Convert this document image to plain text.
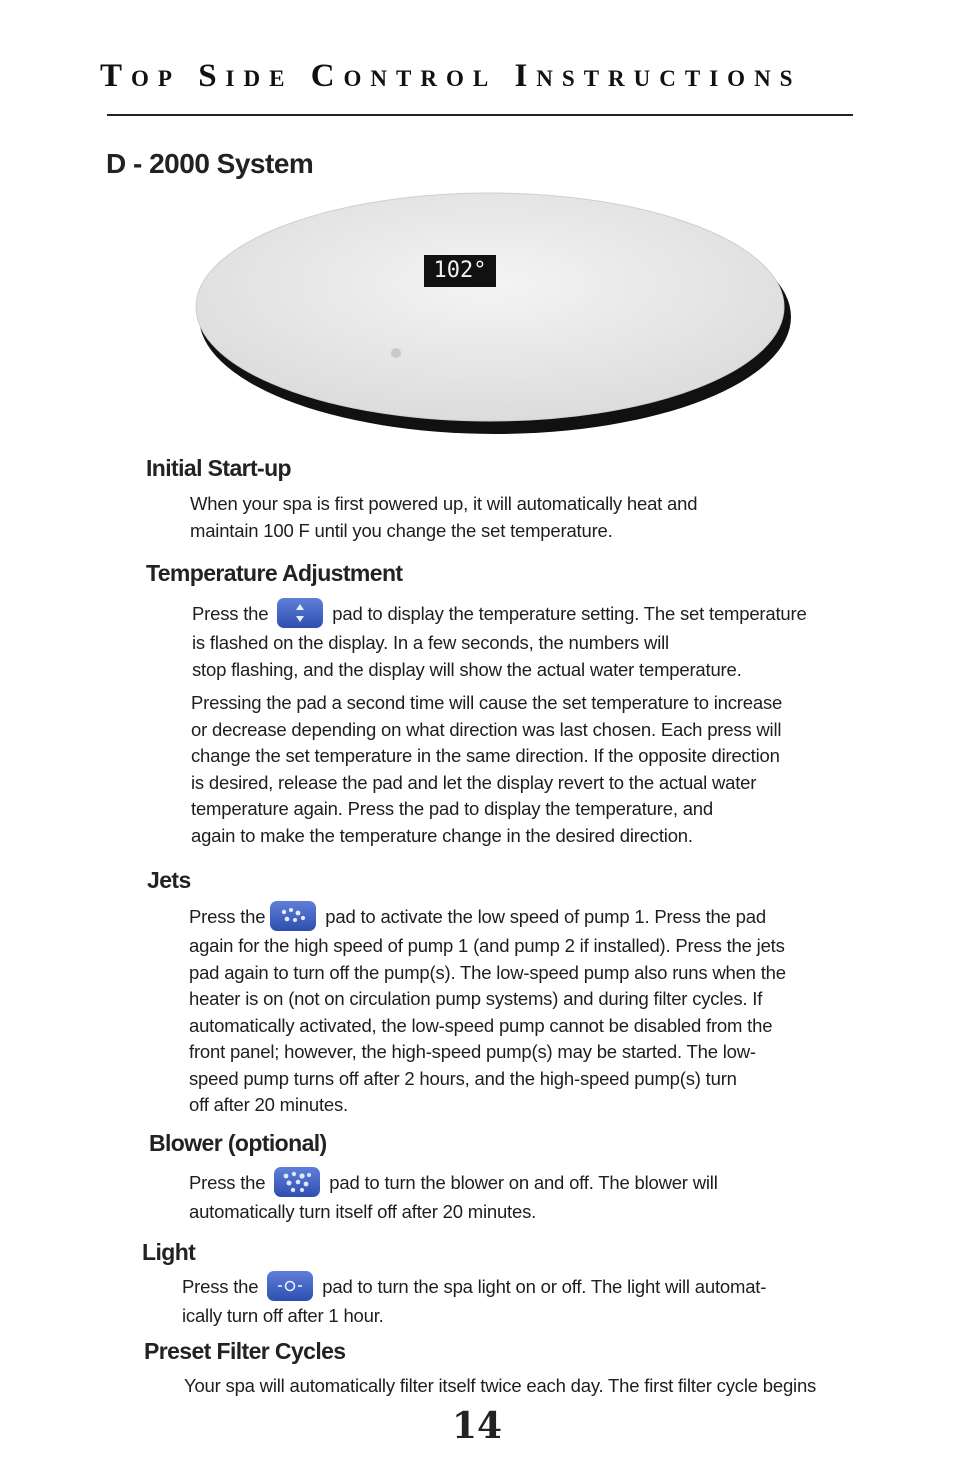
Top Side Control Instructions
D - 2000 System
102°
Initial Start-up

When your spa is first powered up, it will automatically heat and
maintain 100 F until you change the set temperature.

Temperature Adjustment

Press the	pad to display the temperature setting. The set temperature
is flashed on the display. In a few seconds, the numbers will
stop flashing, and the display will show the actual water temperature.

Pressing the pad a second time will cause the set temperature to increase
or decrease depending on what direction was last chosen. Each press will
change the set temperature in the same direction. If the opposite direction
is desired, release the pad and let the display revert to the actual water
temperature again. Press the pad to display the temperature, and
again to make the temperature change in the desired direction.

Jets

Press the	pad to activate the low speed of pump 1. Press the pad
again for the high speed of pump 1 (and pump 2 if installed). Press the jets
pad again to turn off the pump(s). The low-speed pump also runs when the
heater is on (not on circulation pump systems) and during filter cycles. If
automatically activated, the low-speed pump cannot be disabled from the
front panel; however, the high-speed pump(s) may be started. The low-
speed pump turns off after 2 hours, and the high-speed pump(s) turn
off after 20 minutes.

Blower (optional)

Press the	pad to turn the blower on and off. The blower will
automatically turn itself off after 20 minutes.

Light

Press the	pad to turn the spa light on or off. The light will automat-
ically turn off after 1 hour.

Preset Filter Cycles

Your spa will automatically filter itself twice each day. The first filter cycle begins

14
